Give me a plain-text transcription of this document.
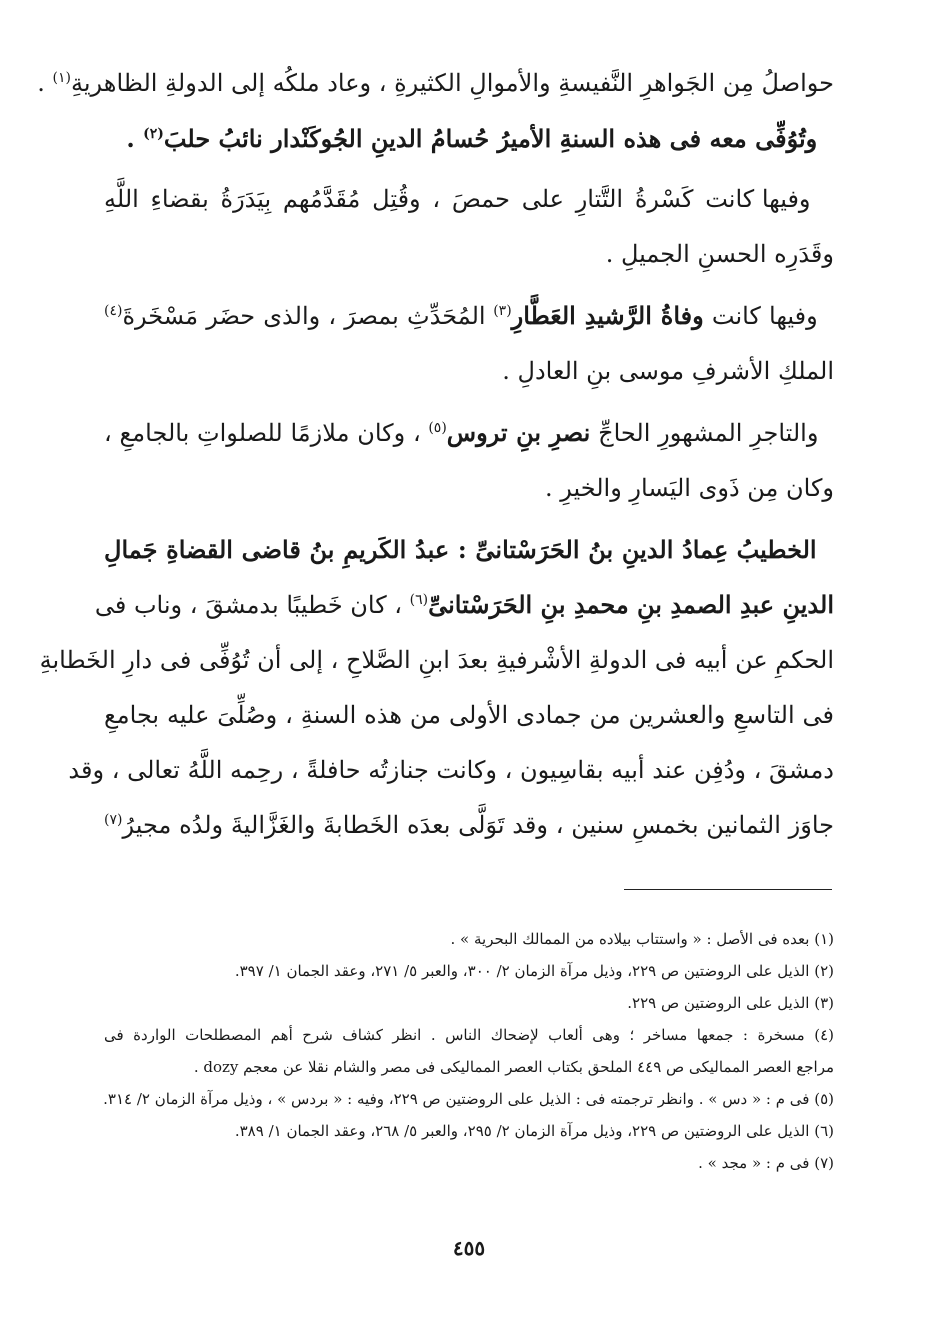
حواصلُ مِن الجَواهرِ النَّفيسةِ والأموالِ الكثيرةِ ، وعاد ملكُه إلى الدولةِ الظاهريةِ$^{(١)}$ .
وتُوُفِّى معه فى هذه السنةِ الأميرُ حُسامُ الدينِ الجُوكَنْدار نائبُ حلبَ$^{(٢)}$ .
وفيها كانت كَسْرةُ التَّتارِ على حمصَ ، وقُتِل مُقَدَّمُهم بِيَدَرَةُ بقضاءِ اللَّهِ
وقَدَرِه الحسنِ الجميلِ .
وفيها كانت وفاةُ الرَّشيدِ العَطَّارِ$^{(٣)}$ المُحَدِّثِ بمصرَ ، والذى حضَر مَسْخَرةَ$^{(٤)}$
الملكِ الأشرفِ موسى بنِ العادلِ .
والتاجرِ المشهورِ الحاجِّ نصرِ بنِ تروس$^{(٥)}$ ، وكان ملازمًا للصلواتِ بالجامعِ ،
وكان مِن ذَوى اليَسارِ والخيرِ .
الخطيبُ عِمادُ الدينِ بنُ الحَرَسْتانىِّ : عبدُ الكَريمِ بنُ قاضى القضاةِ جَمالِ
الدينِ عبدِ الصمدِ بنِ محمدِ بنِ الحَرَسْتانىِّ$^{(٦)}$ ، كان خَطيبًا بدمشقَ ، وناب فى
الحكمِ عن أبيه فى الدولةِ الأشْرفيةِ بعدَ ابنِ الصَّلاحِ ، إلى أن تُوُفِّى فى دارِ الخَطابةِ
فى التاسعِ والعشرين من جمادى الأولى من هذه السنةِ ، وصُلِّىَ عليه بجامعِ
دمشقَ ، ودُفِن عند أبيه بقاسِيون ، وكانت جنازتُه حافلةً ، رحِمه اللَّهُ تعالى ، وقد
جاوَز الثمانين بخمسِ سنين ، وقد تَوَلَّى بعدَه الخَطابةَ والغَزَّاليةَ ولدُه مجيرُ$^{(٧)}$
(١) بعده فى الأصل : « واستتاب بيلاده من الممالك البحرية » .
(٢) الذيل على الروضتين ص ٢٢٩، وذيل مرآة الزمان ٢/ ٣٠٠، والعبر ٥/ ٢٧١، وعقد الجمان ١/ ٣٩٧.
(٣) الذيل على الروضتين ص ٢٢٩.
(٤) مسخرة : جمعها مساخر ؛ وهى ألعاب لإضحاك الناس . انظر كشاف شرح أهم المصطلحات الواردة فى
مراجع العصر المماليكى ص ٤٤٩ الملحق بكتاب العصر المماليكى فى مصر والشام نقلا عن معجم dozy .
(٥) فى م : « دس » . وانظر ترجمته فى : الذيل على الروضتين ص ٢٢٩، وفيه : « بردس » ، وذيل مرآة الزمان ٢/ ٣١٤.
(٦) الذيل على الروضتين ص ٢٢٩، وذيل مرآة الزمان ٢/ ٢٩٥، والعبر ٥/ ٢٦٨، وعقد الجمان ١/ ٣٨٩.
(٧) فى م : « مجد » .
٤٥٥
